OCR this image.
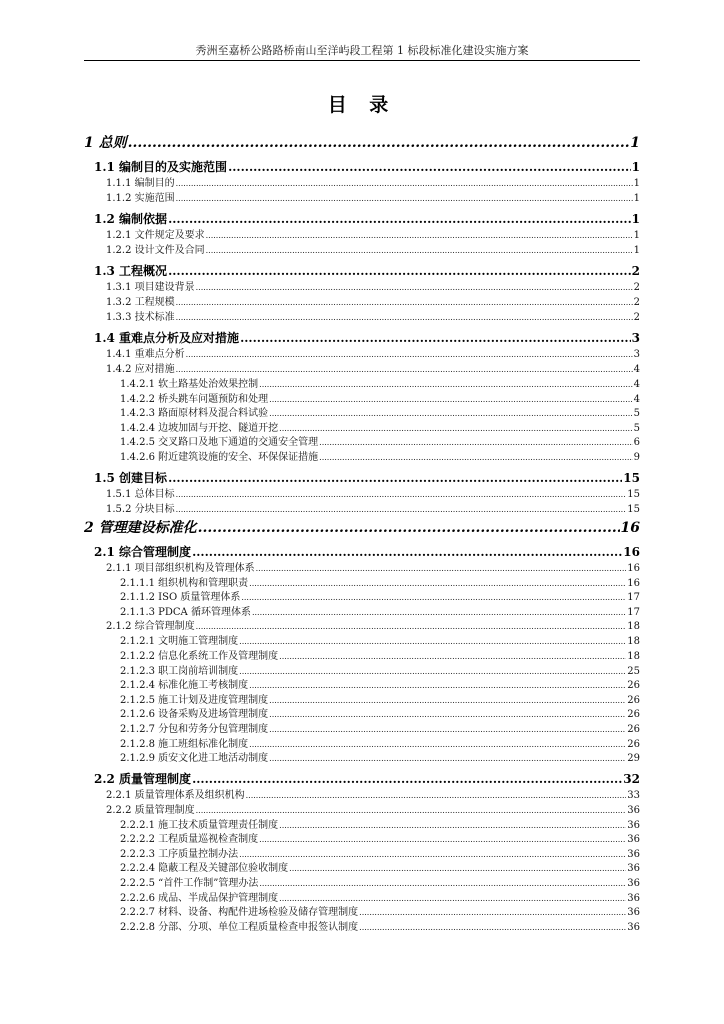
秀洲至嘉桥公路路桥南山至洋屿段工程第 1 标段标准化建设实施方案
目 录
1 总则 .....	1
1.1 编制目的及实施范围 .....	1
1.1.1 编制目的 .....	1
1.1.2 实施范围 .....	1
1.2 编制依据 .....	1
1.2.1 文件规定及要求 .....	1
1.2.2 设计文件及合同 .....	1
1.3 工程概况 .....	2
1.3.1 项目建设背景 .....	2
1.3.2 工程规模 .....	2
1.3.3 技术标准 .....	2
1.4 重难点分析及应对措施 .....	3
1.4.1 重难点分析 .....	3
1.4.2 应对措施 .....	4
1.4.2.1 软土路基处治效果控制 .....	4
1.4.2.2 桥头跳车问题预防和处理 .....	4
1.4.2.3 路面原材料及混合料试验 .....	5
1.4.2.4 边坡加固与开挖、隧道开挖 .....	5
1.4.2.5 交叉路口及地下通道的交通安全管理 .....	6
1.4.2.6 附近建筑设施的安全、环保保证措施 .....	9
1.5 创建目标 .....	15
1.5.1 总体目标 .....	15
1.5.2 分块目标 .....	15
2 管理建设标准化 .....	16
2.1 综合管理制度 .....	16
2.1.1 项目部组织机构及管理体系 .....	16
2.1.1.1 组织机构和管理职责 .....	16
2.1.1.2 ISO 质量管理体系 .....	17
2.1.1.3 PDCA 循环管理体系 .....	17
2.1.2 综合管理制度 .....	18
2.1.2.1 文明施工管理制度 .....	18
2.1.2.2 信息化系统工作及管理制度 .....	18
2.1.2.3 职工岗前培训制度 .....	25
2.1.2.4 标准化施工考核制度 .....	26
2.1.2.5 施工计划及进度管理制度 .....	26
2.1.2.6 设备采购及进场管理制度 .....	26
2.1.2.7 分包和劳务分包管理制度 .....	26
2.1.2.8 施工班组标准化制度 .....	26
2.1.2.9 质安文化进工地活动制度 .....	29
2.2 质量管理制度 .....	32
2.2.1 质量管理体系及组织机构 .....	33
2.2.2 质量管理制度 .....	36
2.2.2.1 施工技术质量管理责任制度 .....	36
2.2.2.2 工程质量巡视检查制度 .....	36
2.2.2.3 工序质量控制办法 .....	36
2.2.2.4 隐蔽工程及关键部位验收制度 .....	36
2.2.2.5 “首件工作制”管理办法 .....	36
2.2.2.6 成品、半成品保护管理制度 .....	36
2.2.2.7 材料、设备、构配件进场检验及储存管理制度 .....	36
2.2.2.8 分部、分项、单位工程质量检查申报签认制度 .....	36
